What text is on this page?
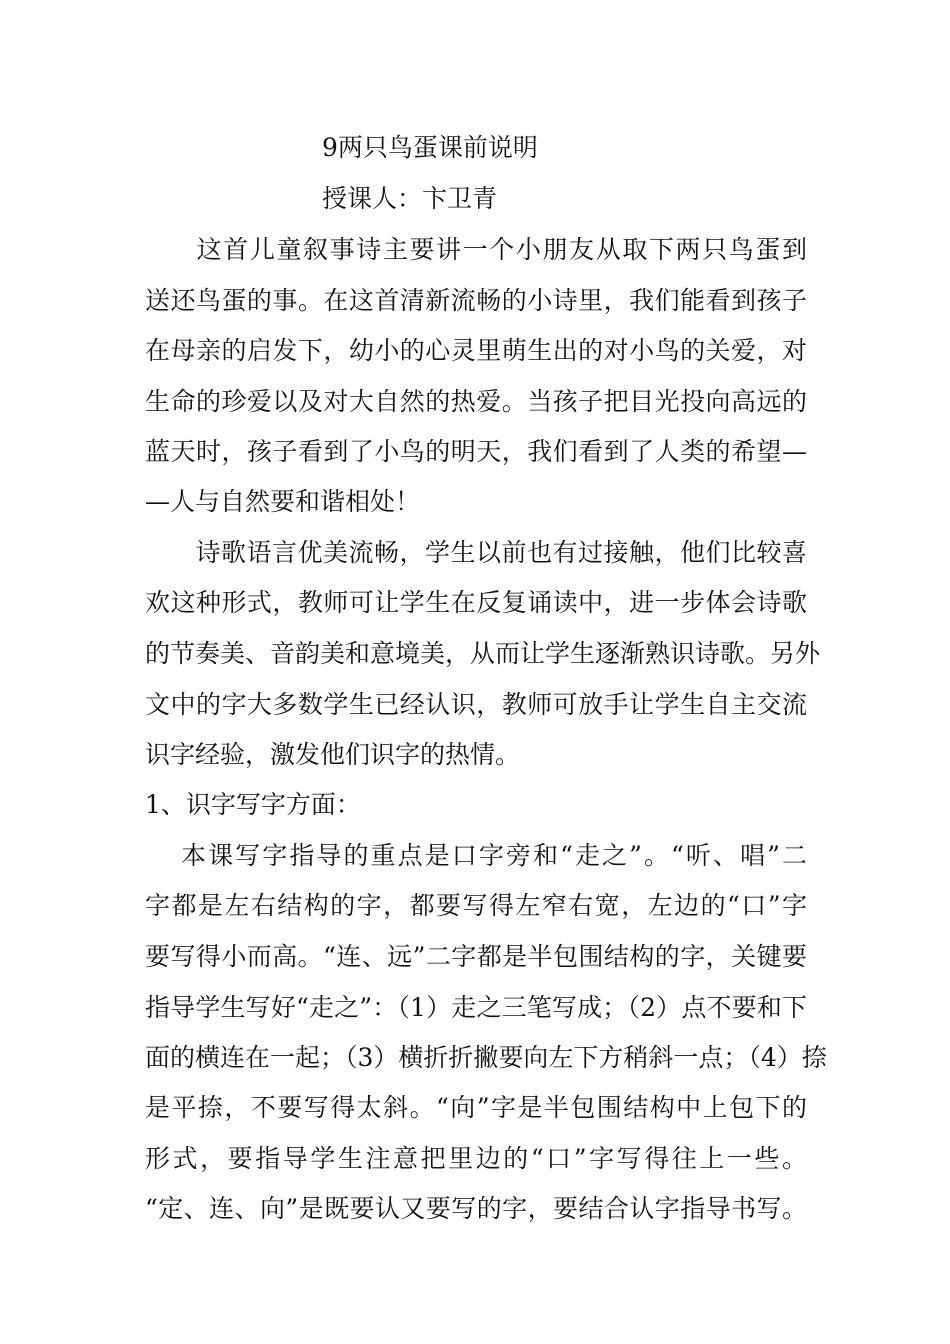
9两只鸟蛋课前说明
授课人：卞卫青
　这首儿童叙事诗主要讲一个小朋友从取下两只鸟蛋到
送还鸟蛋的事。在这首清新流畅的小诗里，我们能看到孩子
在母亲的启发下，幼小的心灵里萌生出的对小鸟的关爱，对
生命的珍爱以及对大自然的热爱。当孩子把目光投向高远的
蓝天时，孩子看到了小鸟的明天，我们看到了人类的希望—
—人与自然要和谐相处！
　诗歌语言优美流畅，学生以前也有过接触，他们比较喜
欢这种形式，教师可让学生在反复诵读中，进一步体会诗歌
的节奏美、音韵美和意境美，从而让学生逐渐熟识诗歌。另外
文中的字大多数学生已经认识，教师可放手让学生自主交流
识字经验，激发他们识字的热情。
1、识字写字方面：
本课写字指导的重点是口字旁和“走之”。“听、唱”二
字都是左右结构的字，都要写得左窄右宽，左边的“口”字
要写得小而高。“连、远”二字都是半包围结构的字，关键要
指导学生写好“走之”：（1）走之三笔写成；（2）点不要和下
面的横连在一起；（3）横折折撇要向左下方稍斜一点；（4）捺
是平捺，不要写得太斜。“向”字是半包围结构中上包下的
形式，要指导学生注意把里边的“口”字写得往上一些。
“定、连、向”是既要认又要写的字，要结合认字指导书写。
